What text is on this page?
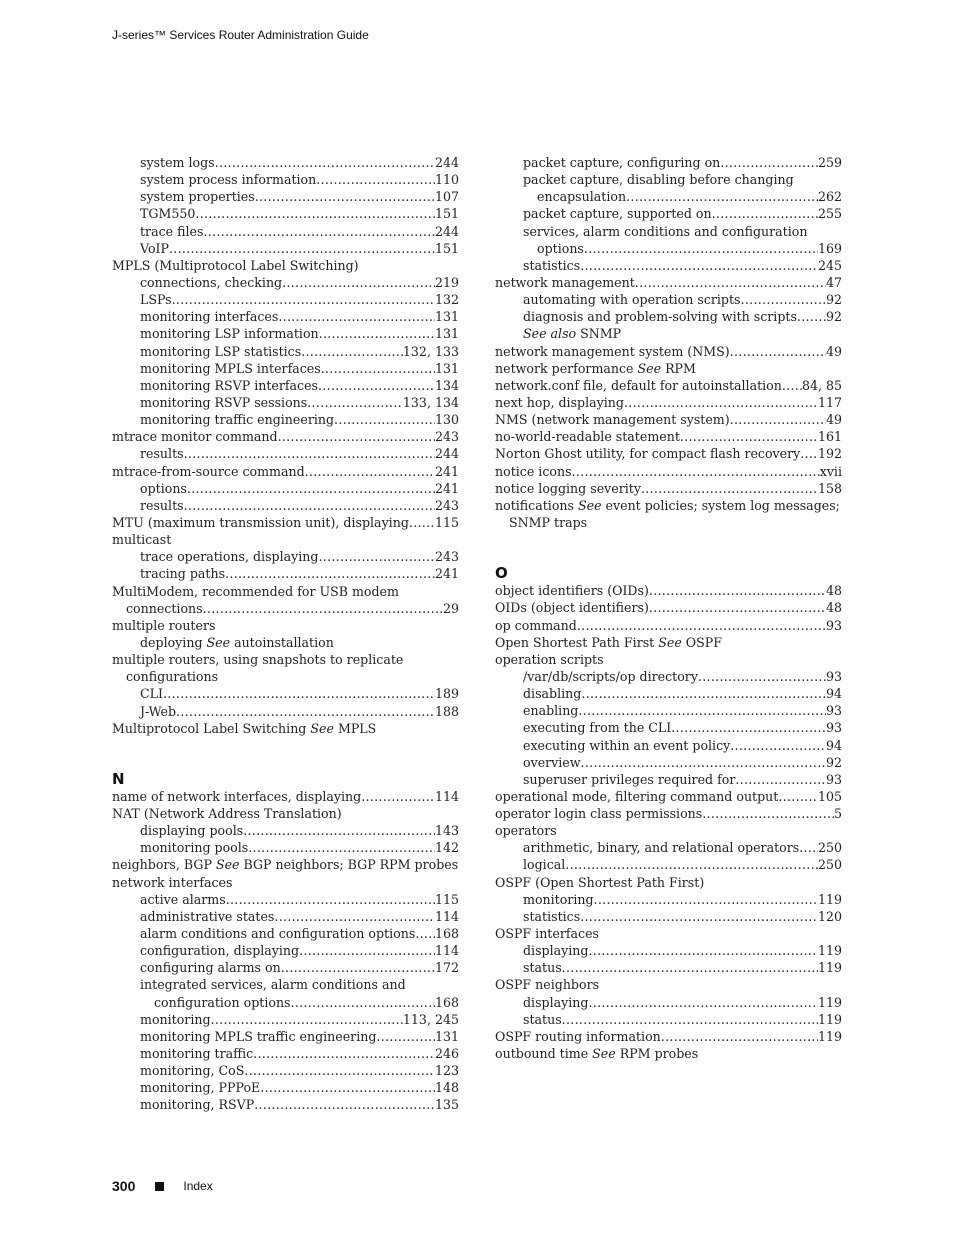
J-series™ Services Router Administration Guide
system logs .....	244
system process information .....	110
system properties .....	107
TGM550 .....	151
trace files .....	244
VoIP .....	151
MPLS (Multiprotocol Label Switching)
connections, checking .....	219
LSPs .....	132
monitoring interfaces .....	131
monitoring LSP information .....	131
monitoring LSP statistics .....	132, 133
monitoring MPLS interfaces .....	131
monitoring RSVP interfaces .....	134
monitoring RSVP sessions .....	133, 134
monitoring traffic engineering .....	130
mtrace monitor command .....	243
results .....	244
mtrace-from-source command .....	241
options .....	241
results .....	243
MTU (maximum transmission unit), displaying ..... 115
multicast
trace operations, displaying .....	243
tracing paths .....	241
MultiModem, recommended for USB modem
connections .....	29
multiple routers
deploying See autoinstallation
multiple routers, using snapshots to replicate
configurations
CLI .....	189
J-Web .....	188
Multiprotocol Label Switching See MPLS
N
name of network interfaces, displaying .....	114
NAT (Network Address Translation)
displaying pools .....	143
monitoring pools .....	142
neighbors, BGP See BGP neighbors; BGP RPM probes
network interfaces
active alarms .....	115
administrative states .....	114
alarm conditions and configuration options ..... 168
configuration, displaying .....	114
configuring alarms on .....	172
integrated services, alarm conditions and
configuration options .....	168
monitoring .....	113, 245
monitoring MPLS traffic engineering .....	131
monitoring traffic .....	246
monitoring, CoS .....	123
monitoring, PPPoE .....	148
monitoring, RSVP .....	135
packet capture, configuring on .....	259
packet capture, disabling before changing
encapsulation .....	262
packet capture, supported on .....	255
services, alarm conditions and configuration
options .....	169
statistics .....	245
network management .....	47
automating with operation scripts .....	92
diagnosis and problem-solving with scripts ..... 92
See also SNMP
network management system (NMS) .....	49
network performance See RPM
network.conf file, default for autoinstallation ..... 84, 85
next hop, displaying .....	117
NMS (network management system) .....	49
no-world-readable statement .....	161
Norton Ghost utility, for compact flash recovery ..... 192
notice icons .....	xvii
notice logging severity .....	158
notifications See event policies; system log messages;
SNMP traps
O
object identifiers (OIDs) .....	48
OIDs (object identifiers) .....	48
op command .....	93
Open Shortest Path First See OSPF
operation scripts
/var/db/scripts/op directory .....	93
disabling .....	94
enabling .....	93
executing from the CLI .....	93
executing within an event policy .....	94
overview .....	92
superuser privileges required for .....	93
operational mode, filtering command output .....	105
operator login class permissions .....	5
operators
arithmetic, binary, and relational operators ..... 250
logical .....	250
OSPF (Open Shortest Path First)
monitoring .....	119
statistics .....	120
OSPF interfaces
displaying .....	119
status .....	119
OSPF neighbors
displaying .....	119
status .....	119
OSPF routing information .....	119
outbound time See RPM probes
300	Index
